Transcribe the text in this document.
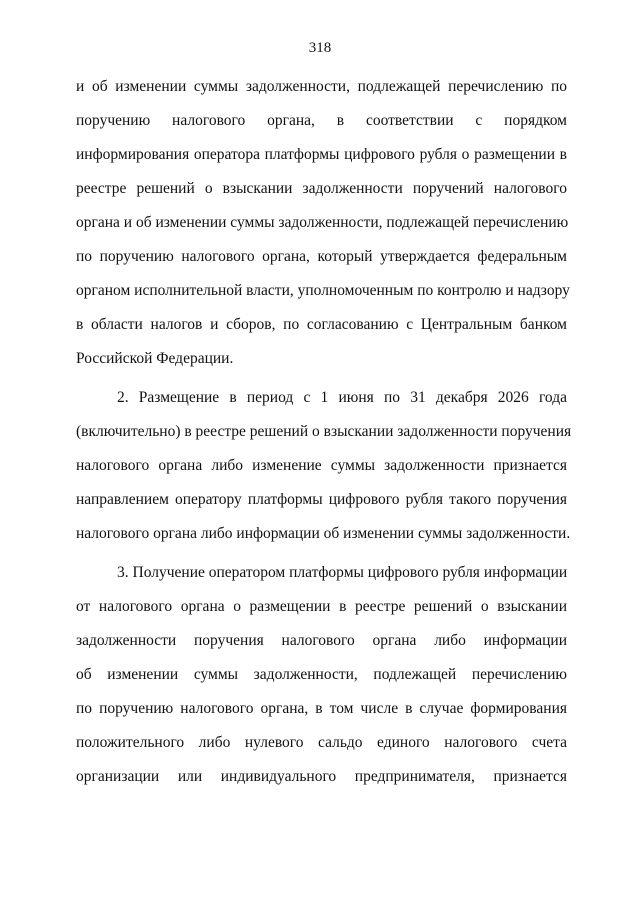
318
и об изменении суммы задолженности, подлежащей перечислению по
поручению налогового органа, в соответствии с порядком
информирования оператора платформы цифрового рубля о размещении в
реестре решений о взыскании задолженности поручений налогового
органа и об изменении суммы задолженности, подлежащей перечислению
по поручению налогового органа, который утверждается федеральным
органом исполнительной власти, уполномоченным по контролю и надзору
в области налогов и сборов, по согласованию с Центральным банком
Российской Федерации.
2. Размещение в период с 1 июня по 31 декабря 2026 года
(включительно) в реестре решений о взыскании задолженности поручения
налогового органа либо изменение суммы задолженности признается
направлением оператору платформы цифрового рубля такого поручения
налогового органа либо информации об изменении суммы задолженности.
3. Получение оператором платформы цифрового рубля информации
от налогового органа о размещении в реестре решений о взыскании
задолженности поручения налогового органа либо информации
об изменении суммы задолженности, подлежащей перечислению
по поручению налогового органа, в том числе в случае формирования
положительного либо нулевого сальдо единого налогового счета
организации или индивидуального предпринимателя, признается
